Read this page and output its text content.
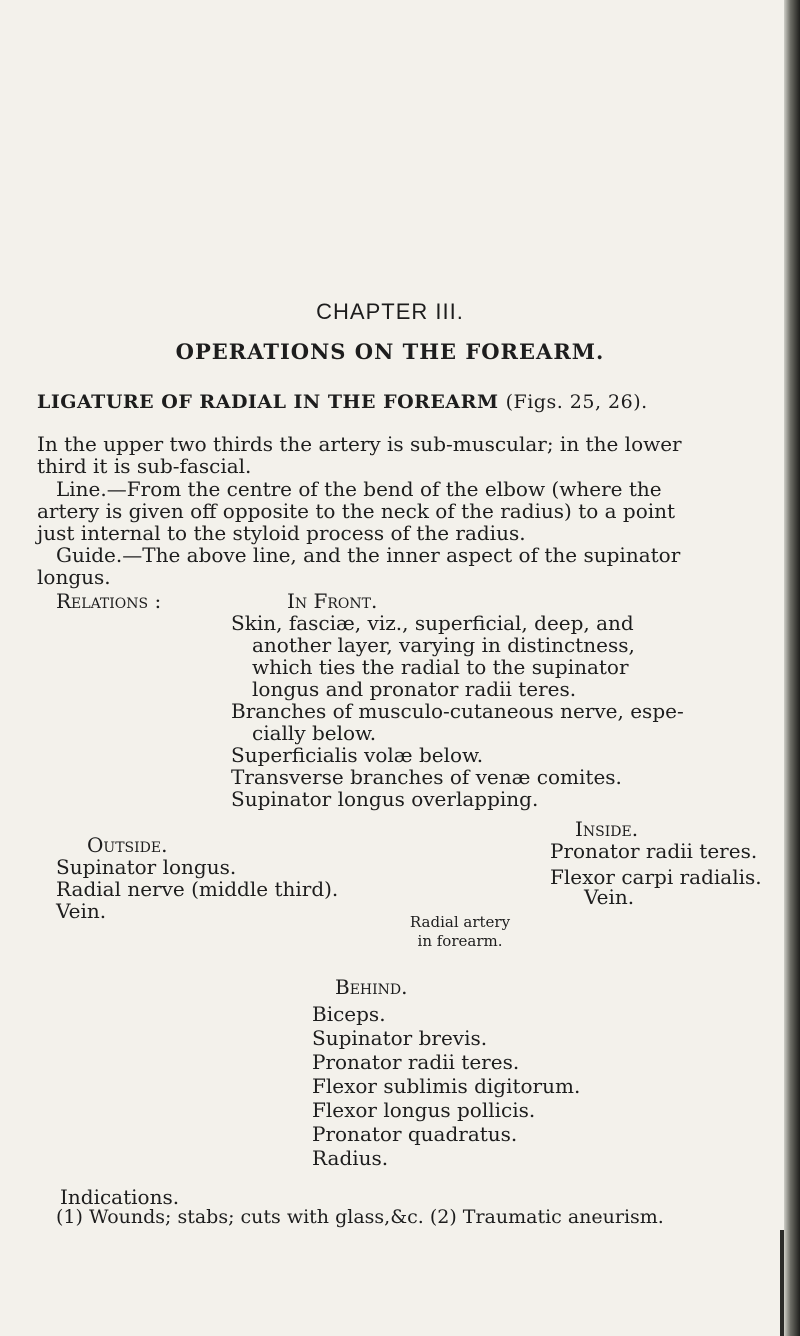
CHAPTER III.
OPERATIONS ON THE FOREARM.
LIGATURE OF RADIAL IN THE FOREARM (Figs. 25, 26).
In the upper two thirds the artery is sub-muscular; in the lower
third it is sub-fascial.
Line.—From the centre of the bend of the elbow (where the
artery is given off opposite to the neck of the radius) to a point
just internal to the styloid process of the radius.
Guide.—The above line, and the inner aspect of the supinator
longus.
Relations :	In Front.
Skin, fasciæ, viz., superficial, deep, and
another layer, varying in distinctness,
which ties the radial to the supinator
longus and pronator radii teres.
Branches of musculo-cutaneous nerve, espe-
cially below.
Superficialis volæ below.
Transverse branches of venæ comites.
Supinator longus overlapping.
Outside.
Supinator longus.
Radial nerve (middle third).
Vein.
Inside.
Pronator radii teres.
Flexor carpi radialis.
Vein.
Radial artery
in forearm.
Behind.
Biceps.
Supinator brevis.
Pronator radii teres.
Flexor sublimis digitorum.
Flexor longus pollicis.
Pronator quadratus.
Radius.
Indications.
(1) Wounds; stabs; cuts with glass,&c. (2) Traumatic aneurism.
